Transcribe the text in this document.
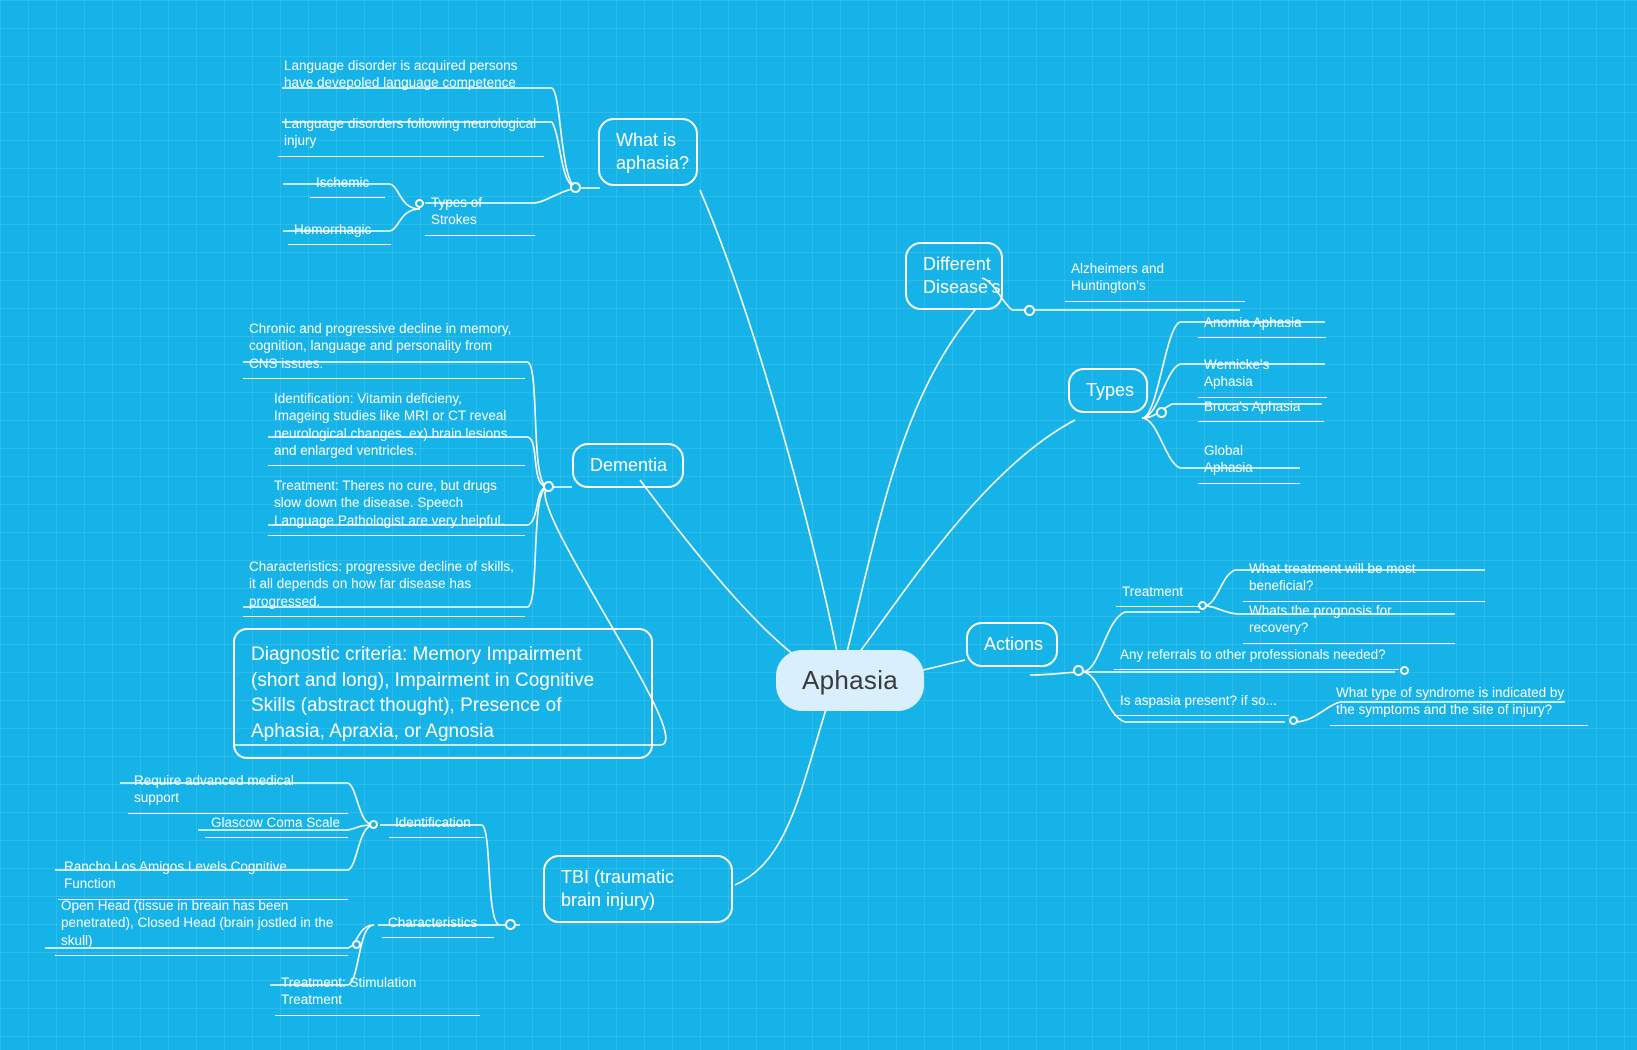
Aphasia
What is aphasia?
Language disorder is acquired persons have devepoled language competence
Language disorders following neurological injury
Types of Strokes
Ischemic
Hemorrhagic
Different Disease's
Alzheimers and Huntington's
Types
Anomia Aphasia
Wernicke's Aphasia
Broca's Aphasia
Global Aphasia
Actions
Treatment
Any referrals to other professionals needed?
Is aspasia present? if so...
What treatment will be most beneficial?
Whats the prognosis for recovery?
What type of syndrome is indicated by the symptoms and the site of injury?
Dementia
Chronic and progressive decline in memory, cognition, language and personality from CNS issues.
Identification: Vitamin deficieny, Imageing studies like MRI or CT reveal neurological changes. ex) brain lesions and enlarged ventricles.
Treatment: Theres no cure, but drugs slow down the disease. Speech Language Pathologist are very helpful.
Characteristics: progressive decline of skills, it all depends on how far disease has progressed.
Diagnostic criteria: Memory Impairment (short and long), Impairment in Cognitive Skills (abstract thought), Presence of Aphasia, Apraxia, or Agnosia
TBI (traumatic brain injury)
Identification
Characteristics
Require advanced medical support
Glascow Coma Scale
Rancho Los Amigos Levels Cognitive Function
Open Head (tissue in breain has been penetrated), Closed Head (brain jostled in the skull)
Treatment: Stimulation Treatment
